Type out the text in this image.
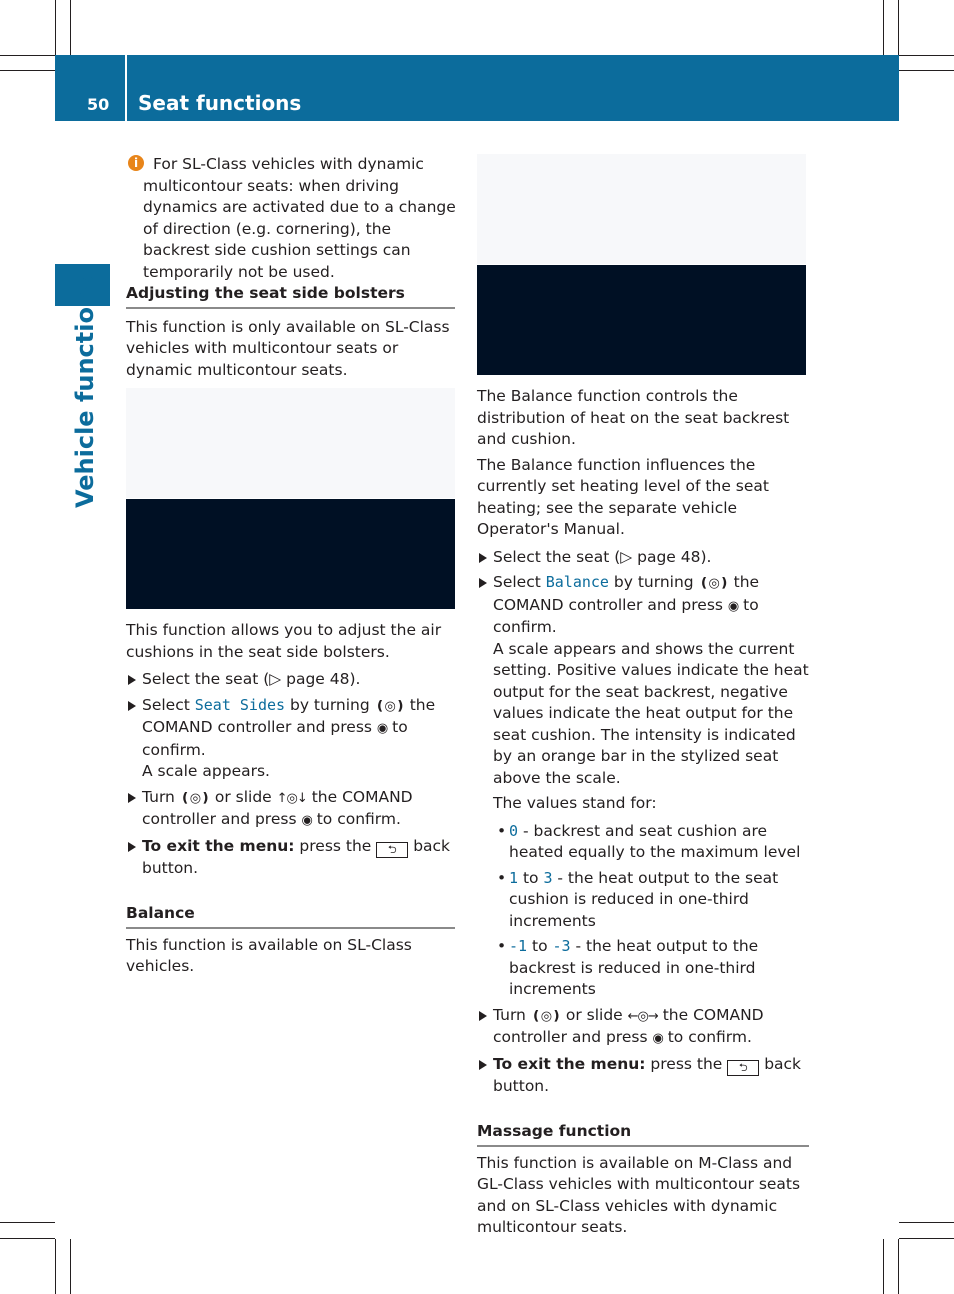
50 Seat functions
Vehicle functions
i For SL-Class vehicles with dynamic multicontour seats: when driving dynamics are activated due to a change of direction (e.g. cornering), the backrest side cushion settings can temporarily not be used.

Adjusting the seat side bolsters

This function is only available on SL-Class vehicles with multicontour seats or dynamic multicontour seats.

This function allows you to adjust the air cushions in the seat side bolsters.

Select the seat (▷ page 48).
Select Seat Sides by turning ❪◎❫ the COMAND controller and press ◉ to confirm.

A scale appears.

Turn ❪◎❫ or slide ↑◎↓ the COMAND controller and press ◉ to confirm.
To exit the menu: press the ⮌ back button.

Balance

This function is available on SL-Class vehicles.

The Balance function controls the distribution of heat on the seat backrest and cushion.

The Balance function influences the currently set heating level of the seat heating; see the separate vehicle Operator's Manual.

Select the seat (▷ page 48).
Select Balance by turning ❪◎❫ the COMAND controller and press ◉ to confirm.

A scale appears and shows the current setting. Positive values indicate the heat output for the seat backrest, negative values indicate the heat output for the seat cushion. The intensity is indicated by an orange bar in the stylized seat above the scale.

The values stand for:

• 0 - backrest and seat cushion are heated equally to the maximum level
• 1 to 3 - the heat output to the seat cushion is reduced in one-third increments
• -1 to -3 - the heat output to the backrest is reduced in one-third increments
Turn ❪◎❫ or slide ←◎→ the COMAND controller and press ◉ to confirm.
To exit the menu: press the ⮌ back button.

Massage function

This function is available on M-Class and GL-Class vehicles with multicontour seats and on SL-Class vehicles with dynamic multicontour seats.
